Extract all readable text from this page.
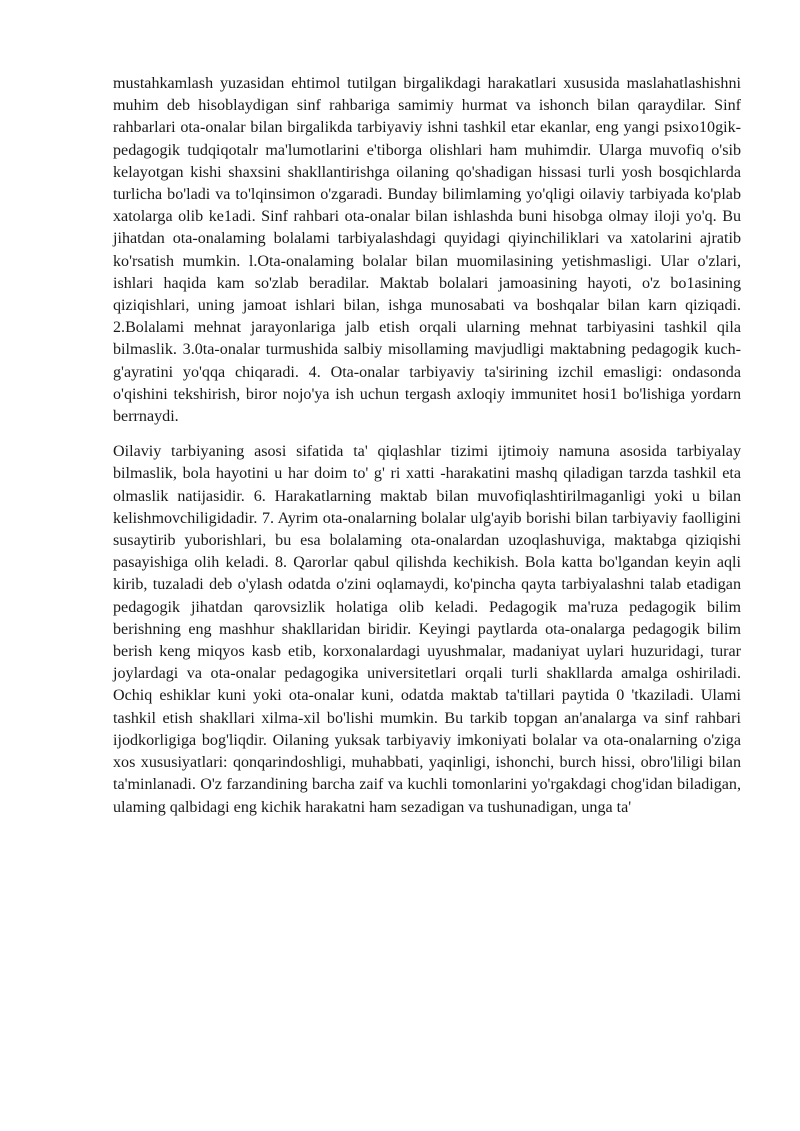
mustahkamlash yuzasidan ehtimol tutilgan birgalikdagi harakatlari xususida maslahatlashishni muhim deb hisoblaydigan sinf rahbariga samimiy hurmat va ishonch bilan qaraydilar. Sinf rahbarlari ota-onalar bilan birgalikda tarbiyaviy ishni tashkil etar ekanlar, eng yangi psixo10gik-pedagogik tudqiqotalr ma'lumotlarini e'tiborga olishlari ham muhimdir. Ularga muvofiq o'sib kelayotgan kishi shaxsini shakllantirishga oilaning qo'shadigan hissasi turli yosh bosqichlarda turlicha bo'ladi va to'lqinsimon o'zgaradi. Bunday bilimlaming yo'qligi oilaviy tarbiyada ko'plab xatolarga olib ke1adi. Sinf rahbari ota-onalar bilan ishlashda buni hisobga olmay iloji yo'q. Bu jihatdan ota-onalaming bolalami tarbiyalashdagi quyidagi qiyinchiliklari va xatolarini ajratib ko'rsatish mumkin. l.Ota-onalaming bolalar bilan muomilasining yetishmasligi. Ular o'zlari, ishlari haqida kam so'zlab beradilar. Maktab bolalari jamoasining hayoti, o'z bo1asining qiziqishlari, uning jamoat ishlari bilan, ishga munosabati va boshqalar bilan karn qiziqadi. 2.Bolalami mehnat jarayonlariga jalb etish orqali ularning mehnat tarbiyasini tashkil qila bilmaslik. 3.0ta-onalar turmushida salbiy misollaming mavjudligi maktabning pedagogik kuch-g'ayratini yo'qqa chiqaradi. 4. Ota-onalar tarbiyaviy ta'sirining izchil emasligi: ondasonda o'qishini tekshirish, biror nojo'ya ish uchun tergash axloqiy immunitet hosi1 bo'lishiga yordarn berrnaydi.

Oilaviy tarbiyaning asosi sifatida ta' qiqlashlar tizimi ijtimoiy namuna asosida tarbiyalay bilmaslik, bola hayotini u har doim to' g' ri xatti -harakatini mashq qiladigan tarzda tashkil eta olmaslik natijasidir. 6. Harakatlarning maktab bilan muvofiqlashtirilmaganligi yoki u bilan kelishmovchiligidadir. 7. Ayrim ota-onalarning bolalar ulg'ayib borishi bilan tarbiyaviy faolligini susaytirib yuborishlari, bu esa bolalaming ota-onalardan uzoqlashuviga, maktabga qiziqishi pasayishiga olih keladi. 8. Qarorlar qabul qilishda kechikish. Bola katta bo'lgandan keyin aqli kirib, tuzaladi deb o'ylash odatda o'zini oqlamaydi, ko'pincha qayta tarbiyalashni talab etadigan pedagogik jihatdan qarovsizlik holatiga olib keladi. Pedagogik ma'ruza pedagogik bilim berishning eng mashhur shakllaridan biridir. Keyingi paytlarda ota-onalarga pedagogik bilim berish keng miqyos kasb etib, korxonalardagi uyushmalar, madaniyat uylari huzuridagi, turar joylardagi va ota-onalar pedagogika universitetlari orqali turli shakllarda amalga oshiriladi. Ochiq eshiklar kuni yoki ota-onalar kuni, odatda maktab ta'tillari paytida 0 'tkaziladi. Ulami tashkil etish shakllari xilma-xil bo'lishi mumkin. Bu tarkib topgan an'analarga va sinf rahbari ijodkorligiga bog'liqdir. Oilaning yuksak tarbiyaviy imkoniyati bolalar va ota-onalarning o'ziga xos xususiyatlari: qonqarindoshligi, muhabbati, yaqinligi, ishonchi, burch hissi, obro'liligi bilan ta'minlanadi. O'z farzandining barcha zaif va kuchli tomonlarini yo'rgakdagi chog'idan biladigan, ulaming qalbidagi eng kichik harakatni ham sezadigan va tushunadigan, unga ta'
